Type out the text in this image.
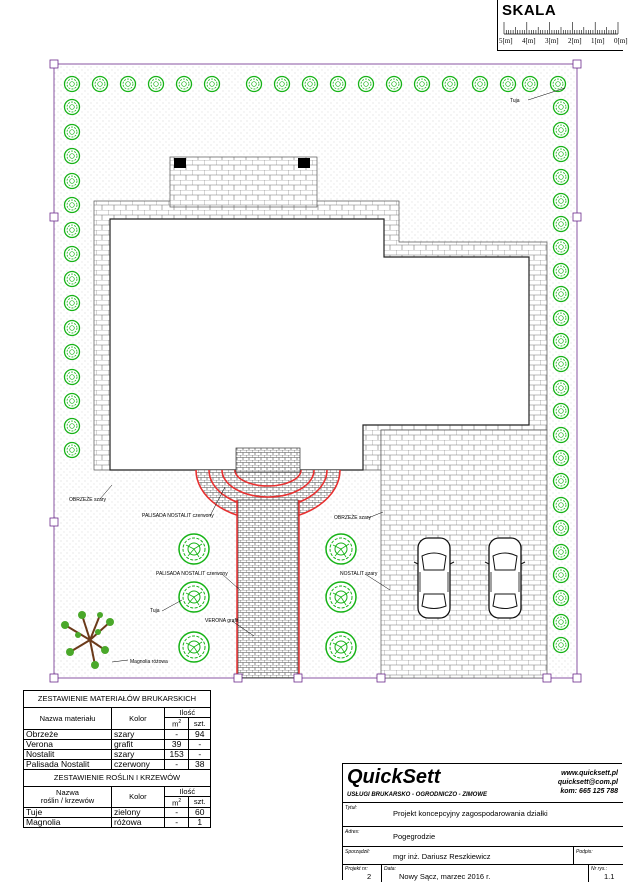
Tuja
OBRZEŻE szary
PALISADA NOSTALIT czerwony	OBRZEŻE szary
PALISADA NOSTALIT czerwony	NOSTALIT szary
Tuja
VERONA grafit
Magnolia różowa
SKALA
5[m] 4[m] 3[m] 2[m] 1[m] 0[m]
ZESTAWIENIE MATERIAŁÓW BRUKARSKICH			
Nazwa materiału	Kolor	Ilość	
		$m^2$	szt.
Obrzeże	szary	-	94
Verona	grafit	39	-
Nostalit	szary	153	-
Palisada Nostalit	czerwony	-	38
ZESTAWIENIE ROŚLIN I KRZEWÓW			
Nazwa
roślin / krzewów	Kolor	Ilość	
		$m^2$	szt.
Tuje	zielony	-	60
Magnolia	różowa	-	1
QuickSett
USŁUGI BRUKARSKO - OGRODNICZO - ZIMOWE
www.quicksett.pl
quicksett@com.pl
kom: 665 125 788
Tytuł:
Projekt koncepcyjny zagospodarowania działki
Adres:	Pogegrodzie
Sporządził:	mgr inż. Dariusz Reszkiewicz	Podpis:
Projekt nr:
2
Data:
Nowy Sącz, marzec 2016 r.
Nr rys.:
1.1
